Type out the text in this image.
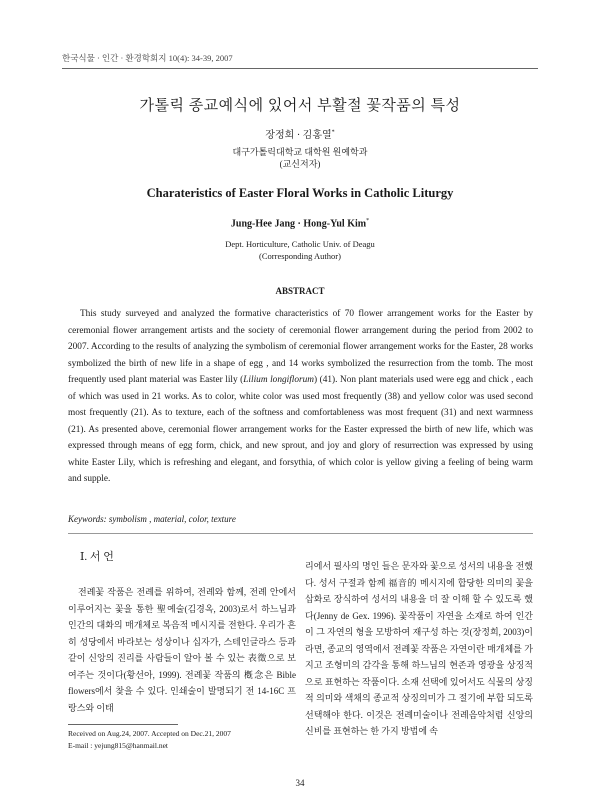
한국식물 · 인간 · 환경학회지 10(4): 34-39, 2007
가톨릭 종교예식에 있어서 부활절 꽃작품의 특성
장정희 · 김홍열*
대구가톨릭대학교 대학원 원예학과
(교신저자)
Charateristics of Easter Floral Works in Catholic Liturgy
Jung-Hee Jang · Hong-Yul Kim*
Dept. Horticulture, Catholic Univ. of Deagu
(Corresponding Author)
ABSTRACT

This study surveyed and analyzed the formative characteristics of 70 flower arrangement works for the Easter by ceremonial flower arrangement artists and the society of ceremonial flower arrangement during the period from 2002 to 2007. According to the results of analyzing the symbolism of ceremonial flower arrangement works for the Easter, 28 works symbolized the birth of new life in a shape of egg , and 14 works symbolized the resurrection from the tomb. The most frequently used plant material was Easter lily (Lilium longiflorum) (41). Non plant materials used were egg and chick , each of which was used in 21 works. As to color, white color was used most frequently (38) and yellow color was used second most frequently (21). As to texture, each of the softness and comfortableness was most frequent (31) and next warmness (21). As presented above, ceremonial flower arrangement works for the Easter expressed the birth of new life, which was expressed through means of egg form, chick, and new sprout, and joy and glory of resurrection was expressed by using white Easter Lily, which is refreshing and elegant, and forsythia, of which color is yellow giving a feeling of being warm and supple.

Keywords: symbolism , material, color, texture
Ⅰ. 서 언

전례꽃 작품은 전례를 위하여, 전례와 함께, 전례 안에서 이루어지는 꽃을 통한 聖예술(김경옥, 2003)로서 하느님과 인간의 대화의 매개체로 복음적 메시지를 전한다. 우리가 흔히 성당에서 바라보는 성상이나 십자가, 스테인글라스 등과 같이 신앙의 진리를 사람들이 알아 볼 수 있는 表徵으로 보여주는 것이다(황선아, 1999). 전례꽃 작품의 槪念은 Bible flowers에서 찾을 수 있다. 인쇄술이 발명되기 전 14-16C 프랑스와 이태

리에서 필사의 명인 들은 문자와 꽃으로 성서의 내용을 전했다. 성서 구절과 함께 福音的 메시지에 합당한 의미의 꽃을 삽화로 장식하여 성서의 내용을 더 잘 이해 할 수 있도록 했다(Jenny de Gex. 1996). 꽃작품이 자연을 소재로 하여 인간이 그 자연의 형을 모방하여 재구성 하는 것(장정희, 2003)이라면, 종교의 영역에서 전례꽃 작품은 자연이란 매개체를 가지고 조형미의 감각을 통해 하느님의 현존과 영광을 상징적으로 표현하는 작품이다. 소재 선택에 있어서도 식물의 상징적 의미와 색채의 종교적 상징의미가 그 절기에 부합 되도록 선택해야 한다. 이것은 전례미술이나 전례음악처럼 신앙의 신비를 표현하는 한 가지 방법에 속

Received on Aug.24, 2007. Accepted on Dec.21, 2007
E-mail : yejung815@hanmail.net
34
